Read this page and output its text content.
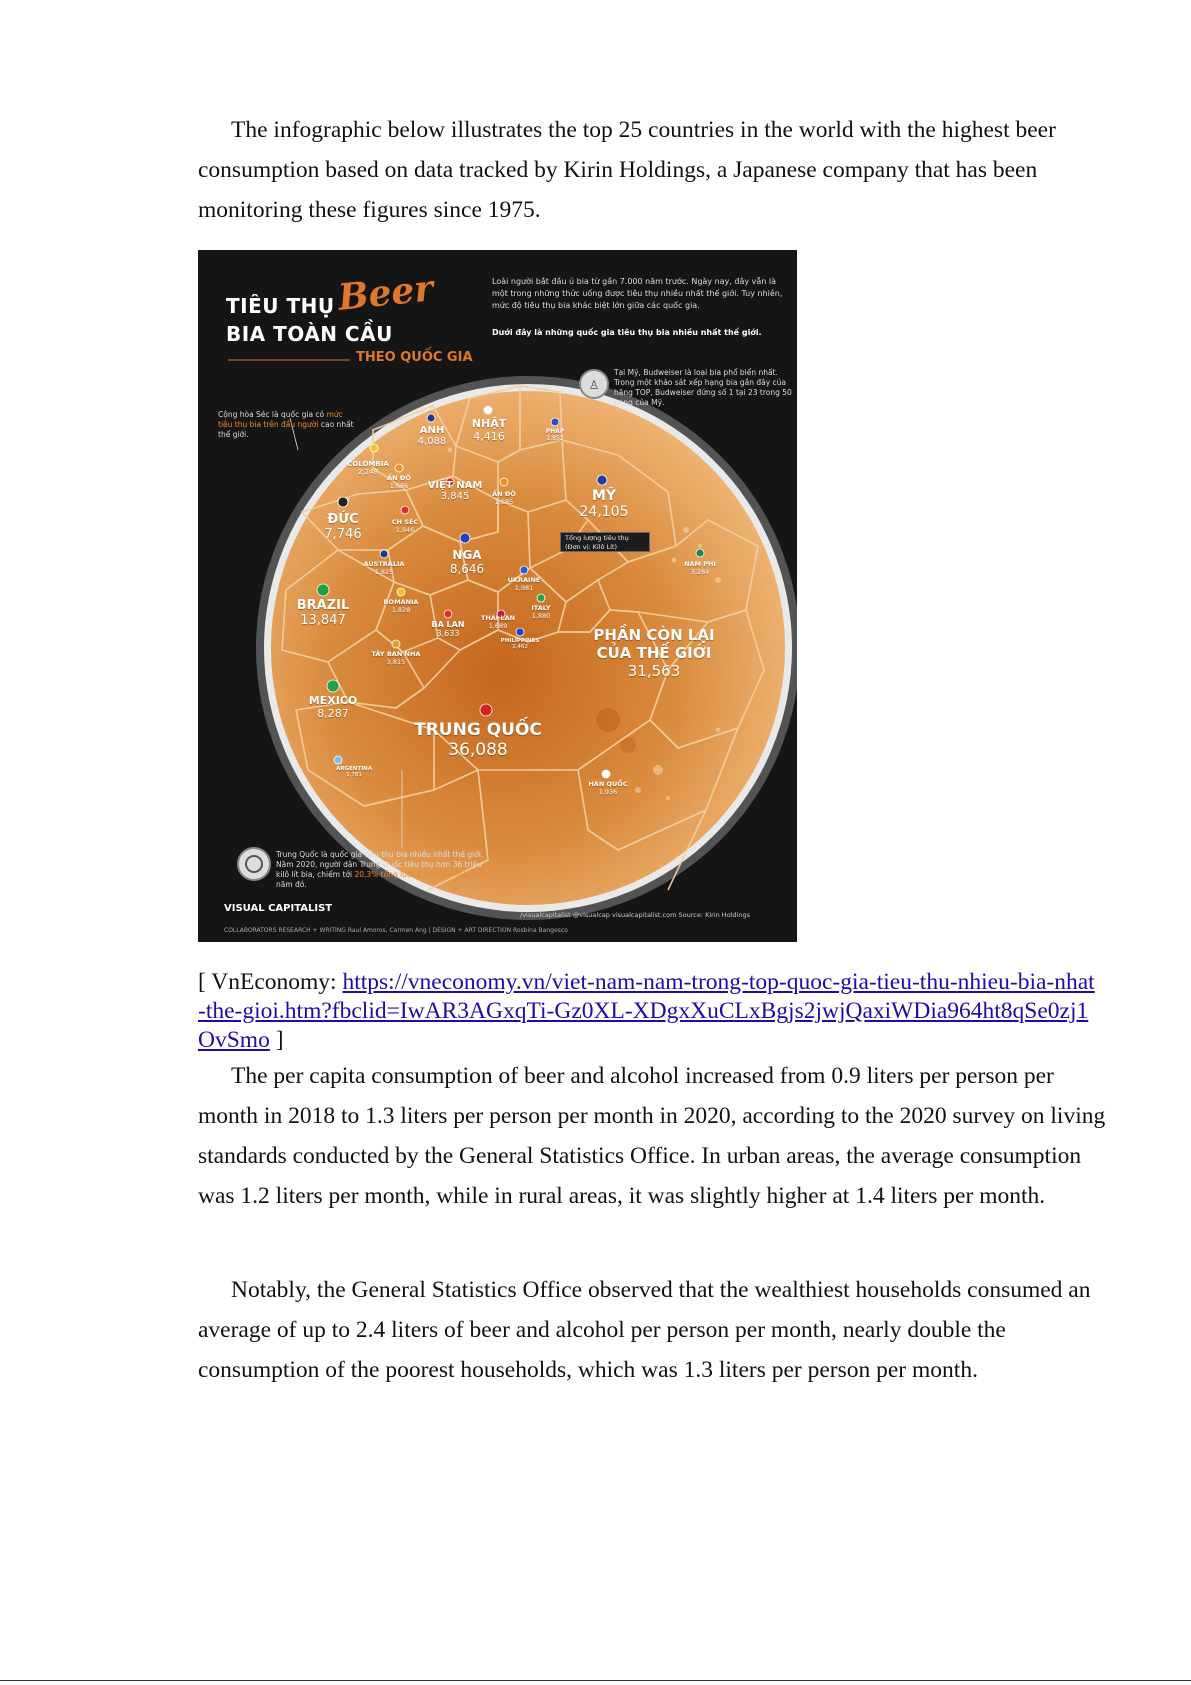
The infographic below illustrates the top 25 countries in the world with the highest beer consumption based on data tracked by Kirin Holdings, a Japanese company that has been monitoring these figures since 1975.

♙
TIÊU THỤ Beer
BIA TOÀN CẦU
THEO QUỐC GIA
Loài người bắt đầu ủ bia từ gần 7.000 năm trước. Ngày nay, đây vẫn là một trong những thức uống được tiêu thụ nhiều nhất thế giới. Tuy nhiên, mức độ tiêu thụ bia khác biệt lớn giữa các quốc gia.
Dưới đây là những quốc gia tiêu thụ bia nhiều nhất thế giới.
Tại Mỹ, Budweiser là loại bia phổ biến nhất. Trong một khảo sát xếp hạng bia gần đây của hãng TOP, Budweiser đứng số 1 tại 23 trong 50 bang của Mỹ.
Cộng hòa Séc là quốc gia có mức tiêu thụ bia trên đầu người cao nhất thế giới.
Trung Quốc là quốc gia tiêu thụ bia nhiều nhất thế giới. Năm 2020, người dân Trung Quốc tiêu thụ hơn 36 triệu kilô lít bia, chiếm tới 20,3% tổng lượng tiêu thụ toàn cầu năm đó.
Tổng lượng tiêu thụ (Đơn vị: Kilô Lít)
ANH
4,088
NHẬT
4,416	PHÁP
1,852
COLOMBIA
2,248
ẤN ĐỘ
1,686 VIỆT NAM
3,845	ẤN ĐỘ
1,685	MỸ
24,105
ĐỨC
7,746
CH SÉC
1,946
NGA
8,646	NAM PHI
3,284
AUSTRALIA
1,825
UKRAINE
1,981
BRAZIL
13,847
ROMANIA
1,828
BA LAN
3,633
THÁI LAN
1,689
ITALY
1,880
PHILIPPINES
1,462
TÂY BAN NHA
3,815
PHẦN CÒN LẠI CỦA THẾ GIỚI
31,563
MEXICO
8,287
TRUNG QUỐC
36,088
ARGENTINA
1,781
HÀN QUỐC
1,936
VISUAL CAPITALIST
COLLABORATORS RESEARCH + WRITING Raul Amoros, Carmen Ang | DESIGN + ART DIRECTION Rosbina Bangesco
/visualcapitalist @visualcap visualcapitalist.com Source: Kirin Holdings
[ VnEconomy: https://vneconomy.vn/viet-nam-nam-trong-top-quoc-gia-tieu-thu-nhieu-bia-nhat-the-gioi.htm?fbclid=IwAR3AGxqTi-Gz0XL-XDgxXuCLxBgjs2jwjQaxiWDia964ht8qSe0zj1OvSmo ]

The per capita consumption of beer and alcohol increased from 0.9 liters per person per month in 2018 to 1.3 liters per person per month in 2020, according to the 2020 survey on living standards conducted by the General Statistics Office. In urban areas, the average consumption was 1.2 liters per month, while in rural areas, it was slightly higher at 1.4 liters per month.

Notably, the General Statistics Office observed that the wealthiest households consumed an average of up to 2.4 liters of beer and alcohol per person per month, nearly double the consumption of the poorest households, which was 1.3 liters per person per month.
